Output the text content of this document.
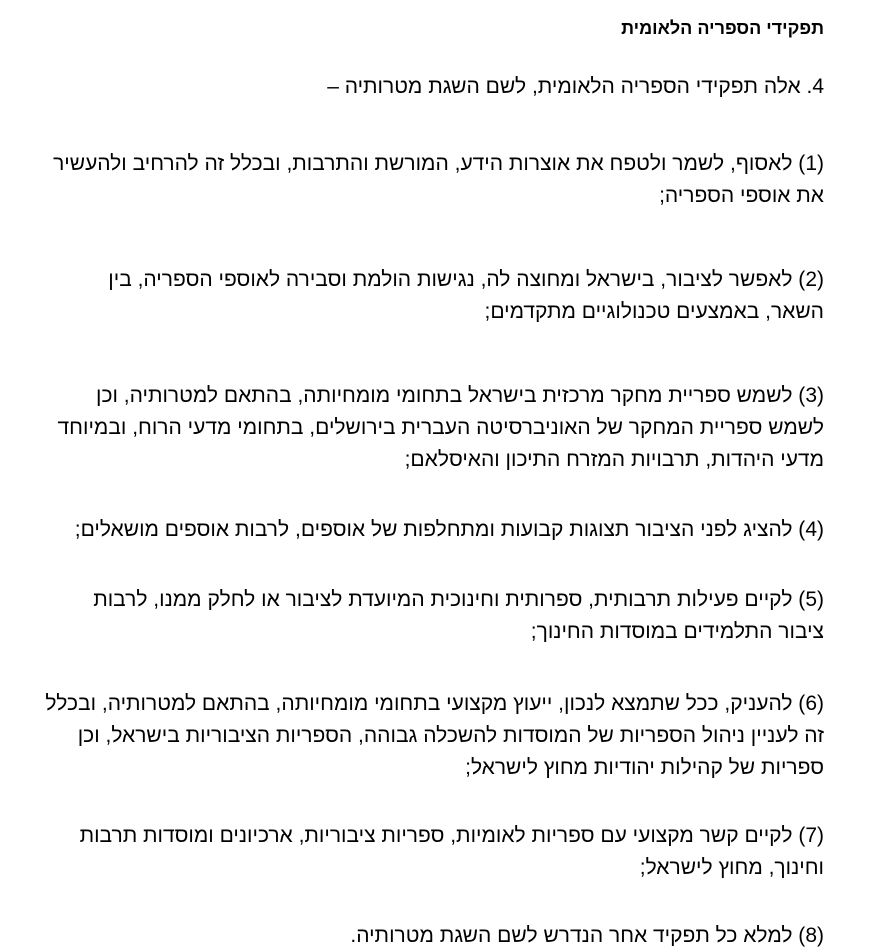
תפקידי הספריה הלאומית

4. אלה תפקידי הספריה הלאומית, לשם השגת מטרותיה –

(1) לאסוף, לשמר ולטפח את אוצרות הידע, המורשת והתרבות, ובכלל זה להרחיב ולהעשיר
את אוספי הספריה;
(2) לאפשר לציבור, בישראל ומחוצה לה, נגישות הולמת וסבירה לאוספי הספריה, בין
השאר, באמצעים טכנולוגיים מתקדמים;
(3) לשמש ספריית מחקר מרכזית בישראל בתחומי מומחיותה, בהתאם למטרותיה, וכן
לשמש ספריית המחקר של האוניברסיטה העברית בירושלים, בתחומי מדעי הרוח, ובמיוחד
מדעי היהדות, תרבויות המזרח התיכון והאיסלאם;
(4) להציג לפני הציבור תצוגות קבועות ומתחלפות של אוספים, לרבות אוספים מושאלים;
(5) לקיים פעילות תרבותית, ספרותית וחינוכית המיועדת לציבור או לחלק ממנו, לרבות
ציבור התלמידים במוסדות החינוך;
(6) להעניק, ככל שתמצא לנכון, ייעוץ מקצועי בתחומי מומחיותה, בהתאם למטרותיה, ובכלל
זה לעניין ניהול הספריות של המוסדות להשכלה גבוהה, הספריות הציבוריות בישראל, וכן
ספריות של קהילות יהודיות מחוץ לישראל;
(7) לקיים קשר מקצועי עם ספריות לאומיות, ספריות ציבוריות, ארכיונים ומוסדות תרבות
וחינוך, מחוץ לישראל;
(8) למלא כל תפקיד אחר הנדרש לשם השגת מטרותיה.
